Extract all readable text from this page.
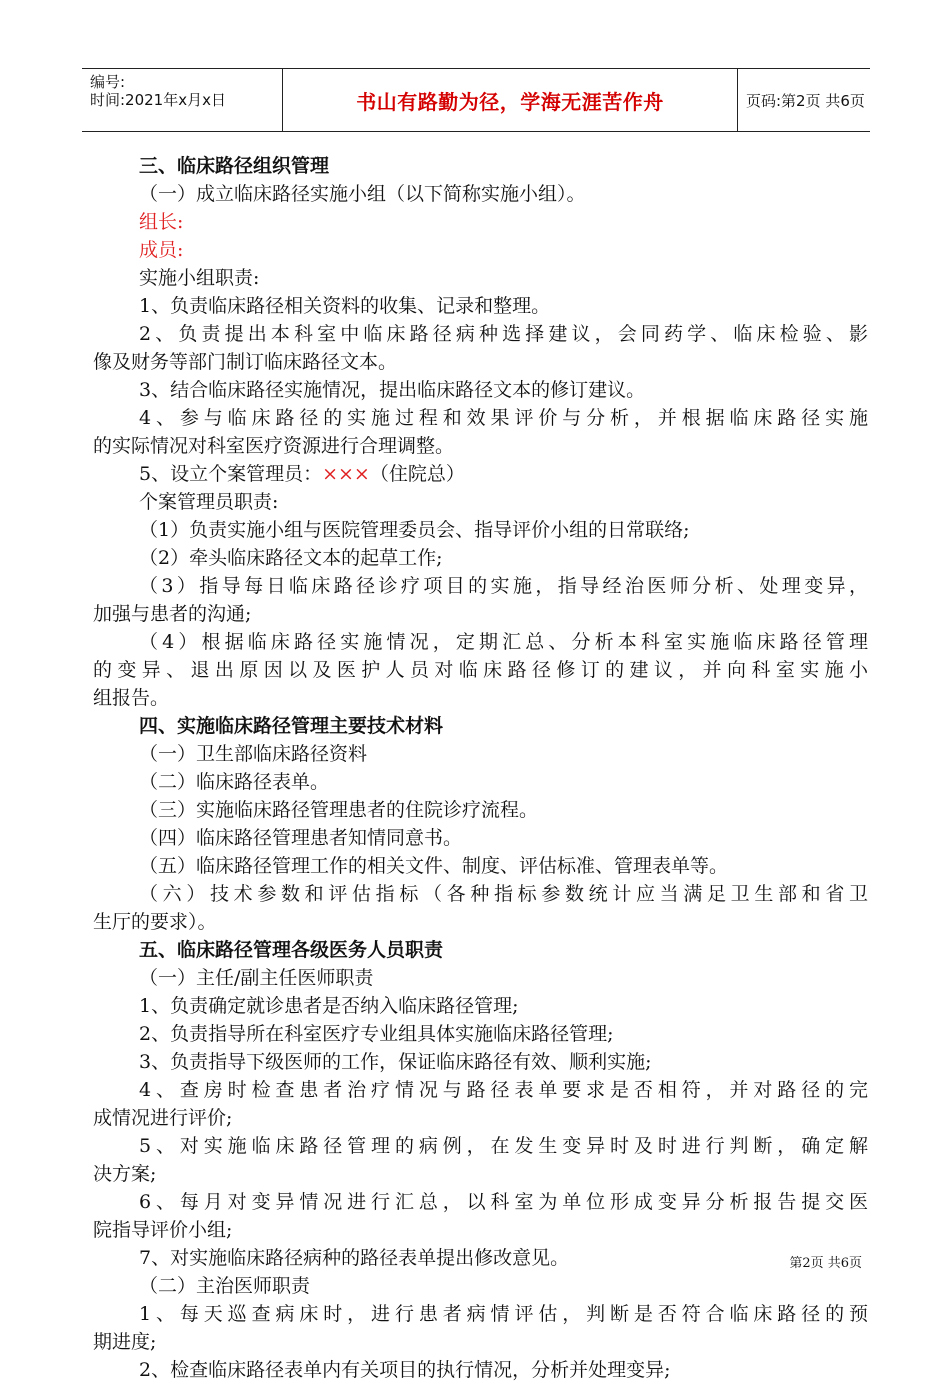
编号:
时间:2021年x月x日	书山有路勤为径，学海无涯苦作舟	页码:第2页 共6页
三、临床路径组织管理
（一）成立临床路径实施小组（以下简称实施小组）。
组长:
成员:
实施小组职责:
1、负责临床路径相关资料的收集、记录和整理。
2、负责提出本科室中临床路径病种选择建议，会同药学、临床检验、影
像及财务等部门制订临床路径文本。
3、结合临床路径实施情况，提出临床路径文本的修订建议。
4、参与临床路径的实施过程和效果评价与分析，并根据临床路径实施
的实际情况对科室医疗资源进行合理调整。
5、设立个案管理员：×××（住院总）
个案管理员职责:
（1）负责实施小组与医院管理委员会、指导评价小组的日常联络;
（2）牵头临床路径文本的起草工作;
（3）指导每日临床路径诊疗项目的实施，指导经治医师分析、处理变异，
加强与患者的沟通;
（4）根据临床路径实施情况，定期汇总、分析本科室实施临床路径管理
的变异、退出原因以及医护人员对临床路径修订的建议，并向科室实施小
组报告。
四、实施临床路径管理主要技术材料
（一）卫生部临床路径资料
（二）临床路径表单。
（三）实施临床路径管理患者的住院诊疗流程。
（四）临床路径管理患者知情同意书。
（五）临床路径管理工作的相关文件、制度、评估标准、管理表单等。
（六）技术参数和评估指标（各种指标参数统计应当满足卫生部和省卫
生厅的要求）。
五、临床路径管理各级医务人员职责
（一）主任/副主任医师职责
1、负责确定就诊患者是否纳入临床路径管理;
2、负责指导所在科室医疗专业组具体实施临床路径管理;
3、负责指导下级医师的工作，保证临床路径有效、顺利实施;
4、查房时检查患者治疗情况与路径表单要求是否相符，并对路径的完
成情况进行评价;
5、对实施临床路径管理的病例，在发生变异时及时进行判断，确定解
决方案;
6、每月对变异情况进行汇总，以科室为单位形成变异分析报告提交医
院指导评价小组;
7、对实施临床路径病种的路径表单提出修改意见。
（二）主治医师职责
1、每天巡查病床时，进行患者病情评估，判断是否符合临床路径的预
期进度;
2、检查临床路径表单内有关项目的执行情况，分析并处理变异;
第2页 共6页
